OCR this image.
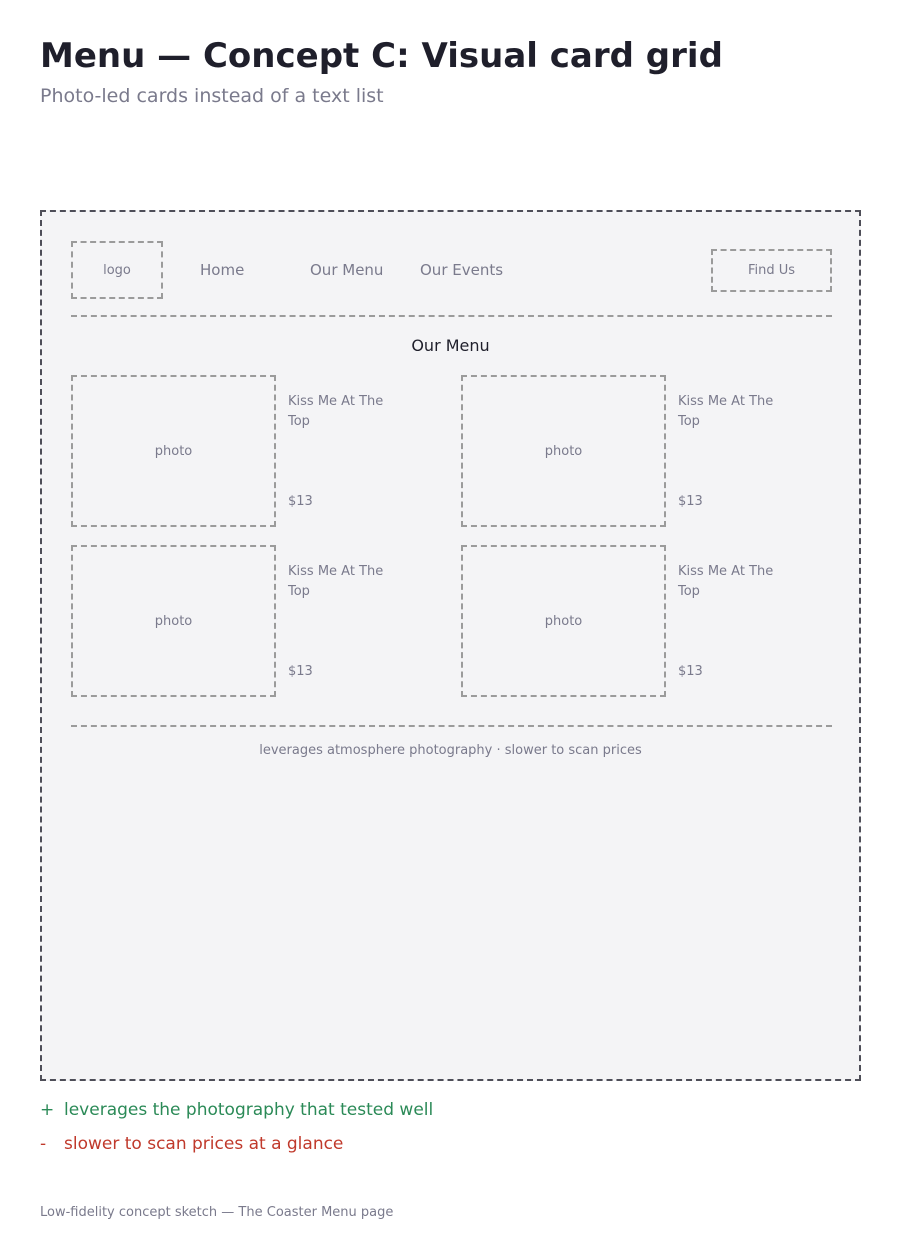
Menu — Concept C: Visual card grid
Photo-led cards instead of a text list
logo	Home	Our Menu Our Events	Find Us
Our Menu
photo
Kiss Me At The Top
$13
photo
Kiss Me At The Top
$13
photo
Kiss Me At The Top
$13
photo
Kiss Me At The Top
$13
leverages atmosphere photography · slower to scan prices
+ leverages the photography that tested well
- slower to scan prices at a glance
Low-fidelity concept sketch — The Coaster Menu page
